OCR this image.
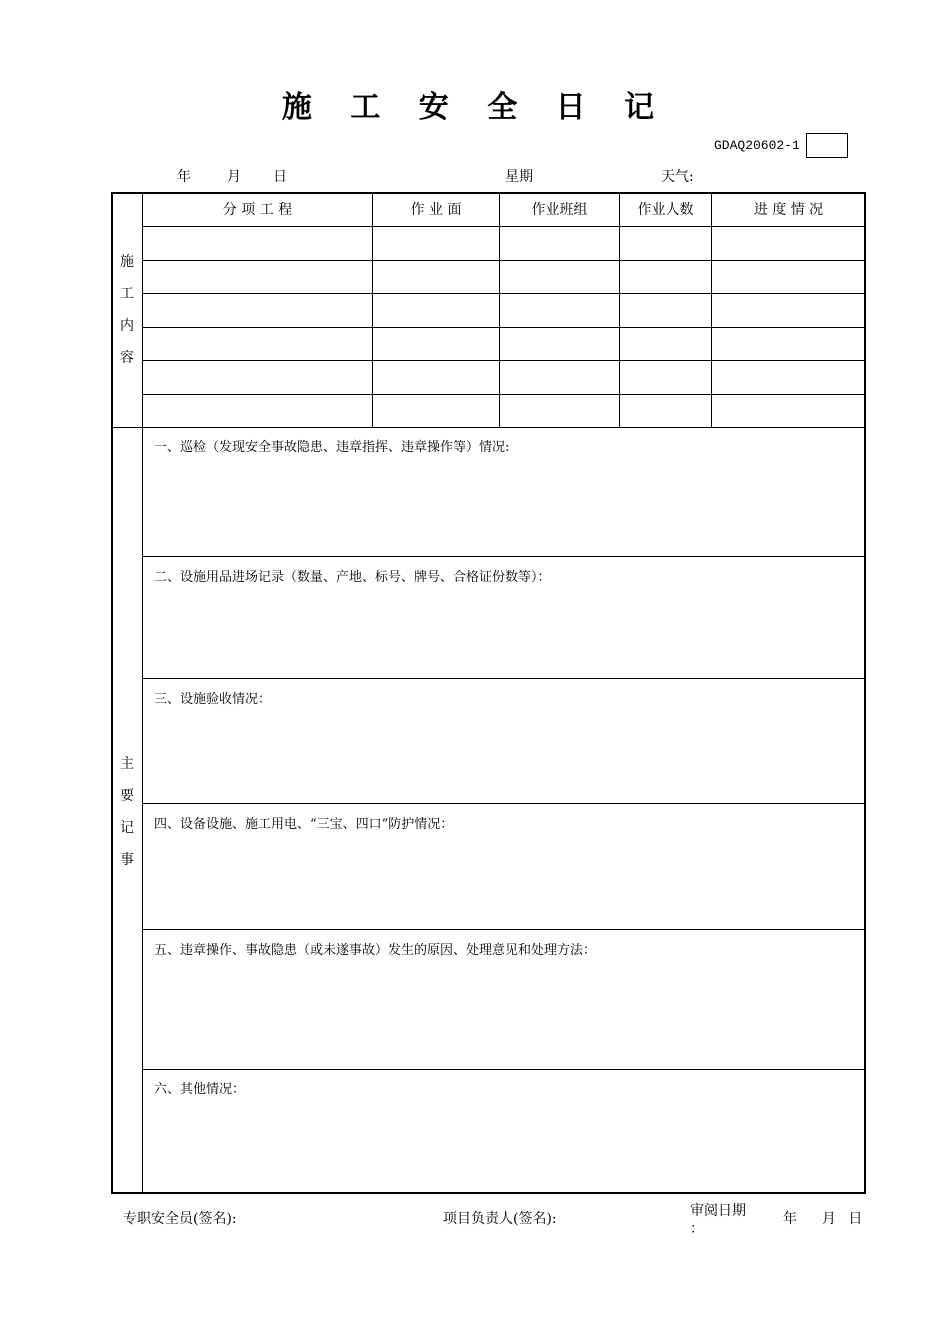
施 工 安 全 日 记
GDAQ20602-1
年	月 日	星期	天气:
分 项 工 程	作 业 面	作业班组	作业人数	进 度 情 况
施工内容
主要记事
一、巡检（发现安全事故隐患、违章指挥、违章操作等）情况:
二、设施用品进场记录（数量、产地、标号、牌号、合格证份数等）：
三、设施验收情况：
四、设备设施、施工用电、“三宝、四口”防护情况：
五、违章操作、事故隐患（或未遂事故）发生的原因、处理意见和处理方法：
六、其他情况：
专职安全员(签名):	项目负责人(签名):	审阅日期
：
年  月 日
